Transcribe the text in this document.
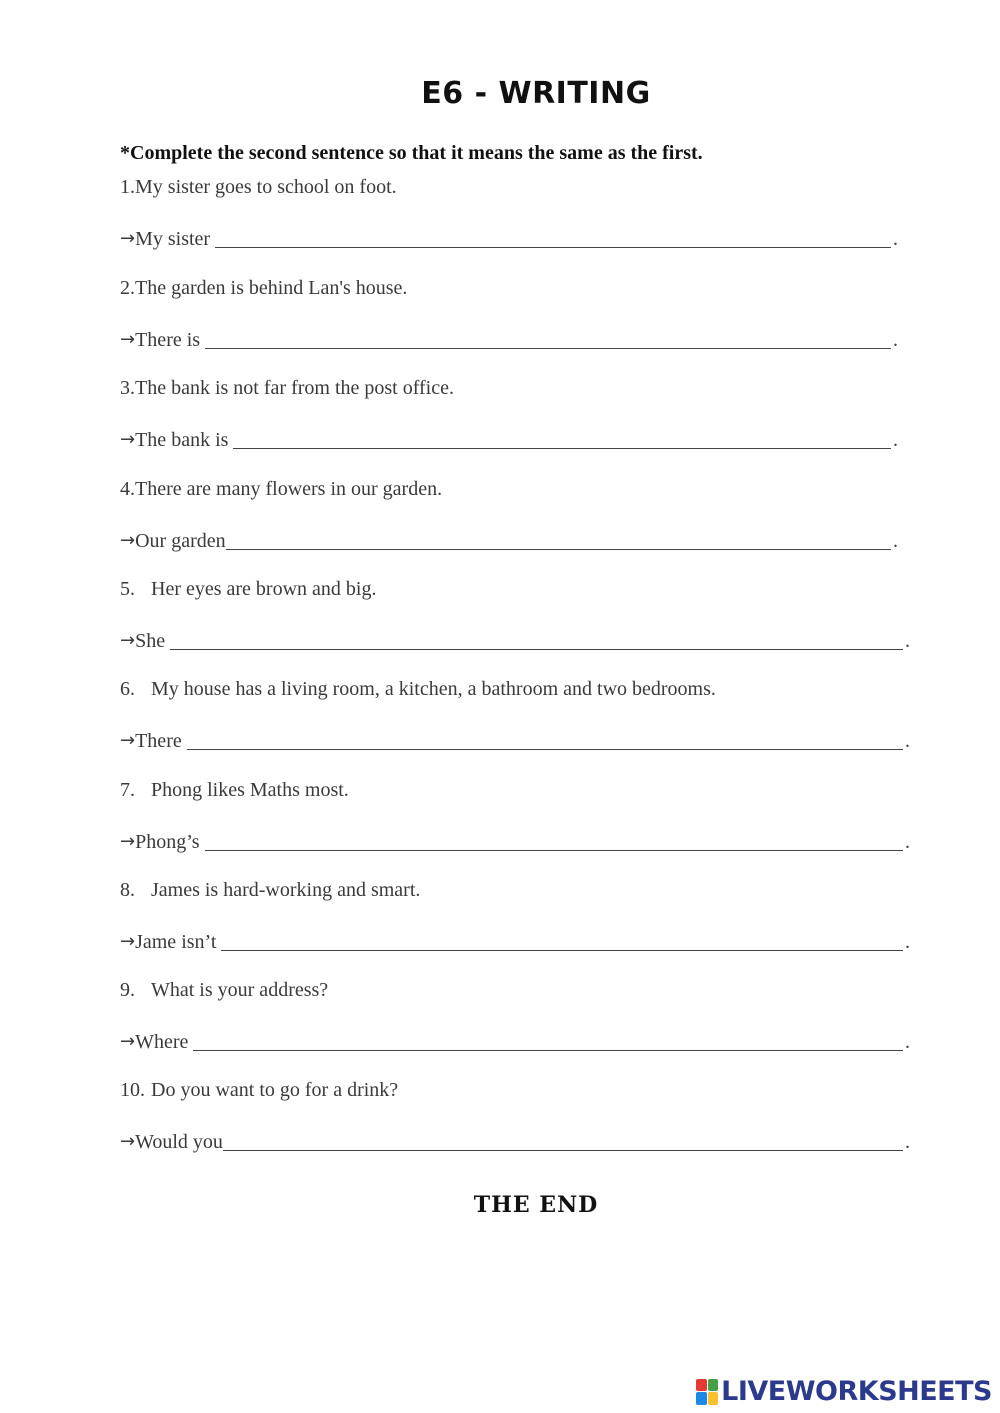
E6 - WRITING
*Complete the second sentence so that it means the same as the first.
1.My sister goes to school on foot.
→ My sister	.
2.The garden is behind Lan's house.
→ There is	.
3.The bank is not far from the post office.
→ The bank is	.
4.There are many flowers in our garden.
→ Our garden	.
5. Her eyes are brown and big.
→ She	.
6. My house has a living room, a kitchen, a bathroom and two bedrooms.
→ There	.
7. Phong likes Maths most.
→ Phong’s	.
8. James is hard-working and smart.
→ Jame isn’t	.
9. What is your address?
→ Where	.
10. Do you want to go for a drink?
→ Would you	.
THE END
LIVEWORKSHEETS
